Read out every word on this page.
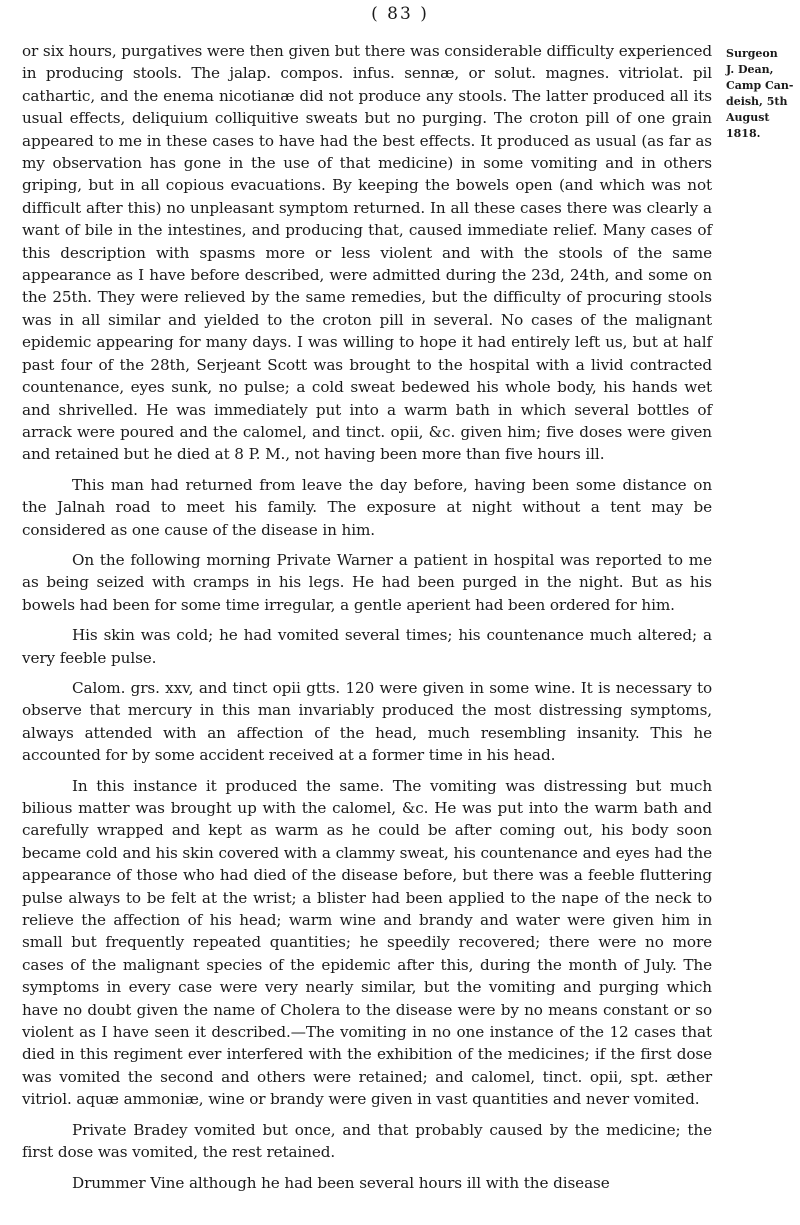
( 83 )
Surgeon
J. Dean,
Camp Can-
deish, 5th
August
1818.

or six hours, purgatives were then given but there was considerable difficulty experienced in producing stools. The jalap. compos. infus. sennæ, or solut. magnes. vitriolat. pil cathartic, and the enema nicotianæ did not produce any stools. The latter produced all its usual effects, deliquium colliquitive sweats but no purging. The croton pill of one grain appeared to me in these cases to have had the best effects. It produced as usual (as far as my observation has gone in the use of that medicine) in some vomiting and in others griping, but in all copious evacuations. By keeping the bowels open (and which was not difficult after this) no unpleasant symptom returned. In all these cases there was clearly a want of bile in the intestines, and producing that, caused immediate relief. Many cases of this description with spasms more or less violent and with the stools of the same appearance as I have before described, were admitted during the 23d, 24th, and some on the 25th. They were relieved by the same remedies, but the difficulty of procuring stools was in all similar and yielded to the croton pill in several. No cases of the malignant epidemic appearing for many days. I was willing to hope it had entirely left us, but at half past four of the 28th, Serjeant Scott was brought to the hospital with a livid contracted countenance, eyes sunk, no pulse; a cold sweat bedewed his whole body, his hands wet and shrivelled. He was immediately put into a warm bath in which several bottles of arrack were poured and the calomel, and tinct. opii, &c. given him; five doses were given and retained but he died at 8 P. M., not having been more than five hours ill.

This man had returned from leave the day before, having been some distance on the Jalnah road to meet his family. The exposure at night without a tent may be considered as one cause of the disease in him.

On the following morning Private Warner a patient in hospital was reported to me as being seized with cramps in his legs. He had been purged in the night. But as his bowels had been for some time irregular, a gentle aperient had been ordered for him.

His skin was cold; he had vomited several times; his countenance much altered; a very feeble pulse.

Calom. grs. xxv, and tinct opii gtts. 120 were given in some wine. It is necessary to observe that mercury in this man invariably produced the most distressing symptoms, always attended with an affection of the head, much resembling insanity. This he accounted for by some accident received at a former time in his head.

In this instance it produced the same. The vomiting was distressing but much bilious matter was brought up with the calomel, &c. He was put into the warm bath and carefully wrapped and kept as warm as he could be after coming out, his body soon became cold and his skin covered with a clammy sweat, his countenance and eyes had the appearance of those who had died of the disease before, but there was a feeble fluttering pulse always to be felt at the wrist; a blister had been applied to the nape of the neck to relieve the affection of his head; warm wine and brandy and water were given him in small but frequently repeated quantities; he speedily recovered; there were no more cases of the malignant species of the epidemic after this, during the month of July. The symptoms in every case were very nearly similar, but the vomiting and purging which have no doubt given the name of Cholera to the disease were by no means constant or so violent as I have seen it described.—The vomiting in no one instance of the 12 cases that died in this regiment ever interfered with the exhibition of the medicines; if the first dose was vomited the second and others were retained; and calomel, tinct. opii, spt. æther vitriol. aquæ ammoniæ, wine or brandy were given in vast quantities and never vomited.

Private Bradey vomited but once, and that probably caused by the medicine; the first dose was vomited, the rest retained.

Drummer Vine although he had been several hours ill with the disease
